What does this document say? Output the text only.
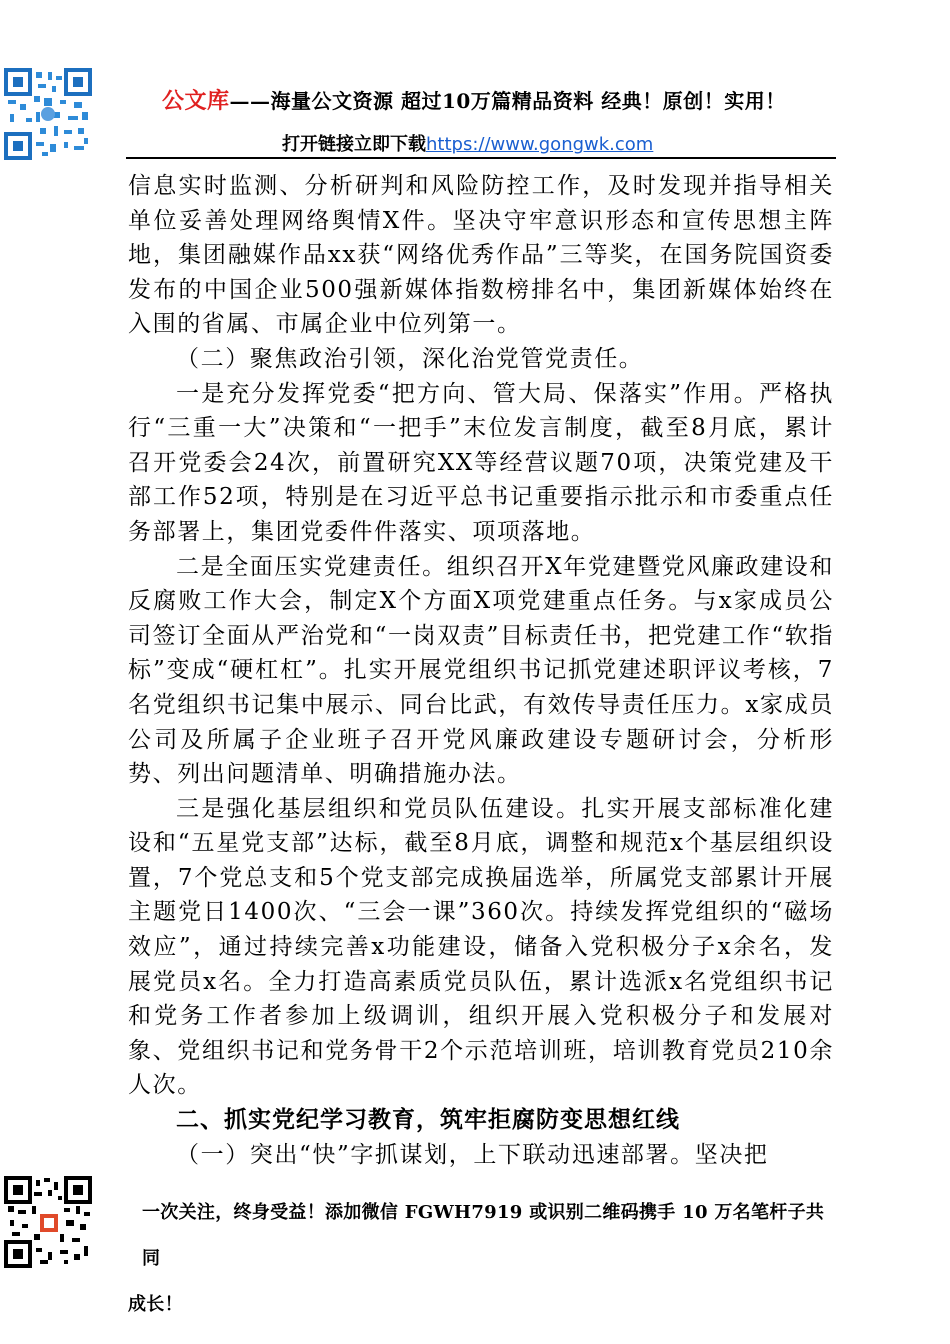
公文库——海量公文资源 超过10万篇精品资料 经典！原创！实用！
打开链接立即下载https://www.gongwk.com

信息实时监测、分析研判和风险防控工作，及时发现并指导相关单位妥善处理网络舆情X件。坚决守牢意识形态和宣传思想主阵地，集团融媒作品xx获“网络优秀作品”三等奖，在国务院国资委发布的中国企业500强新媒体指数榜排名中，集团新媒体始终在入围的省属、市属企业中位列第一。

（二）聚焦政治引领，深化治党管党责任。

一是充分发挥党委“把方向、管大局、保落实”作用。严格执行“三重一大”决策和“一把手”末位发言制度，截至8月底，累计召开党委会24次，前置研究XX等经营议题70项，决策党建及干部工作52项，特别是在习近平总书记重要指示批示和市委重点任务部署上，集团党委件件落实、项项落地。

二是全面压实党建责任。组织召开X年党建暨党风廉政建设和反腐败工作大会，制定X个方面X项党建重点任务。与x家成员公司签订全面从严治党和“一岗双责”目标责任书，把党建工作“软指标”变成“硬杠杠”。扎实开展党组织书记抓党建述职评议考核，7名党组织书记集中展示、同台比武，有效传导责任压力。x家成员公司及所属子企业班子召开党风廉政建设专题研讨会，分析形势、列出问题清单、明确措施办法。

三是强化基层组织和党员队伍建设。扎实开展支部标准化建设和“五星党支部”达标，截至8月底，调整和规范x个基层组织设置，7个党总支和5个党支部完成换届选举，所属党支部累计开展主题党日1400次、“三会一课”360次。持续发挥党组织的“磁场效应”，通过持续完善x功能建设，储备入党积极分子x余名，发展党员x名。全力打造高素质党员队伍，累计选派x名党组织书记和党务工作者参加上级调训，组织开展入党积极分子和发展对象、党组织书记和党务骨干2个示范培训班，培训教育党员210余人次。

二、抓实党纪学习教育，筑牢拒腐防变思想红线

（一）突出“快”字抓谋划，上下联动迅速部署。坚决把

一次关注，终身受益！添加微信 FGWH7919 或识别二维码携手 10 万名笔杆子共同
成长！
